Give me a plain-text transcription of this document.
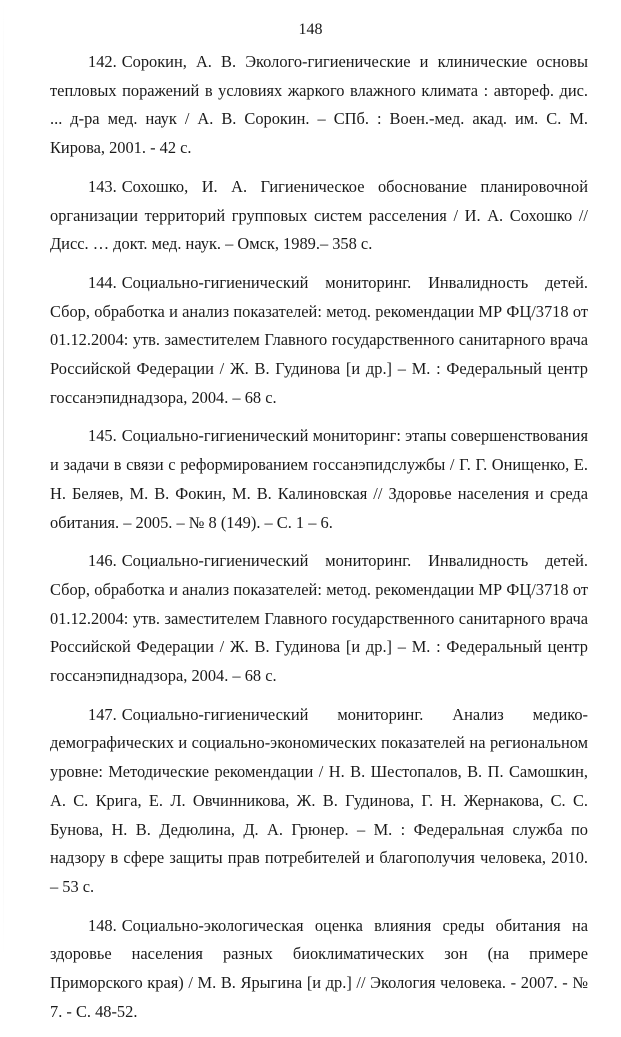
148

142. Сорокин, А. В. Эколого-гигиенические и клинические основы тепловых поражений в условиях жаркого влажного климата : автореф. дис. ... д-ра мед. наук / А. В. Сорокин. – СПб. : Воен.-мед. акад. им. С. М. Кирова, 2001. - 42 с.

143. Сохошко, И. А. Гигиеническое обоснование планировочной организации территорий групповых систем расселения / И. А. Сохошко // Дисс. … докт. мед. наук. – Омск, 1989.– 358 с.

144. Социально-гигиенический мониторинг. Инвалидность детей. Сбор, обработка и анализ показателей: метод. рекомендации МР ФЦ/3718 от 01.12.2004: утв. заместителем Главного государственного санитарного врача Российской Федерации / Ж. В. Гудинова [и др.] – М. : Федеральный центр госсанэпиднадзора, 2004. – 68 с.

145. Социально-гигиенический мониторинг: этапы совершенствования и задачи в связи с реформированием госсанэпидслужбы / Г. Г. Онищенко, Е. Н. Беляев, М. В. Фокин, М. В. Калиновская // Здоровье населения и среда обитания. – 2005. – № 8 (149). – С. 1 – 6.

146. Социально-гигиенический мониторинг. Инвалидность детей. Сбор, обработка и анализ показателей: метод. рекомендации МР ФЦ/3718 от 01.12.2004: утв. заместителем Главного государственного санитарного врача Российской Федерации / Ж. В. Гудинова [и др.] – М. : Федеральный центр госсанэпиднадзора, 2004. – 68 с.

147. Социально-гигиенический мониторинг. Анализ медико-демографических и социально-экономических показателей на региональном уровне: Методические рекомендации / Н. В. Шестопалов, В. П. Самошкин, А. С. Крига, Е. Л. Овчинникова, Ж. В. Гудинова, Г. Н. Жернакова, С. С. Бунова, Н. В. Дедюлина, Д. А. Грюнер. – М. : Федеральная служба по надзору в сфере защиты прав потребителей и благополучия человека, 2010. – 53 с.

148. Социально-экологическая оценка влияния среды обитания на здоровье населения разных биоклиматических зон (на примере Приморского края) / М. В. Ярыгина [и др.] // Экология человека. - 2007. - № 7. - С. 48-52.
